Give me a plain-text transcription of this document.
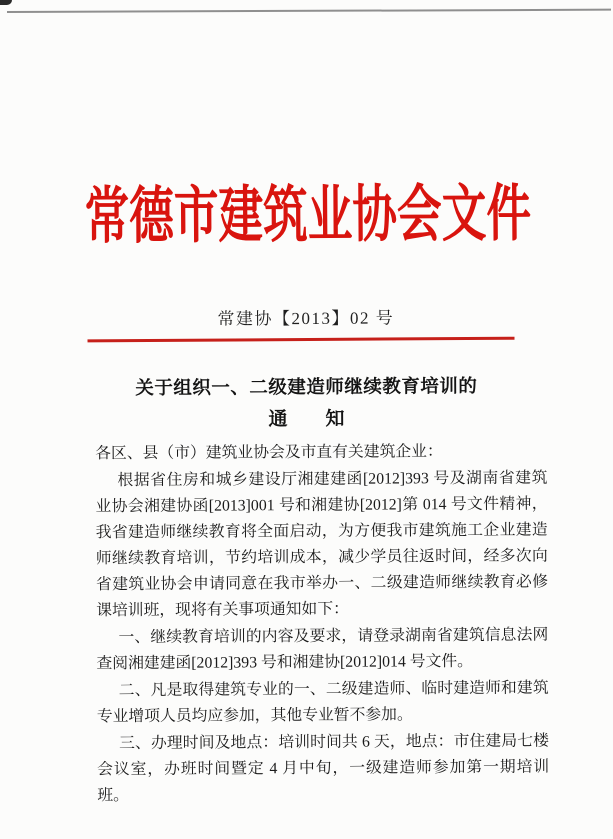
常德市建筑业协会文件
常建协【2013】02 号
关于组织一、二级建造师继续教育培训的
通　　知

各区、县（市）建筑业协会及市直有关建筑企业：

根据省住房和城乡建设厅湘建建函[2012]393 号及湖南省建筑业协会湘建协函[2013]001 号和湘建协[2012]第 014 号文件精神，我省建造师继续教育将全面启动，为方便我市建筑施工企业建造师继续教育培训，节约培训成本，减少学员往返时间，经多次向省建筑业协会申请同意在我市举办一、二级建造师继续教育必修课培训班，现将有关事项通知如下：

一、继续教育培训的内容及要求，请登录湖南省建筑信息法网查阅湘建建函[2012]393 号和湘建协[2012]014 号文件。

二、凡是取得建筑专业的一、二级建造师、临时建造师和建筑专业增项人员均应参加，其他专业暂不参加。

三、办理时间及地点：培训时间共 6 天，地点：市住建局七楼会议室，办班时间暨定 4 月中旬，一级建造师参加第一期培训班。
